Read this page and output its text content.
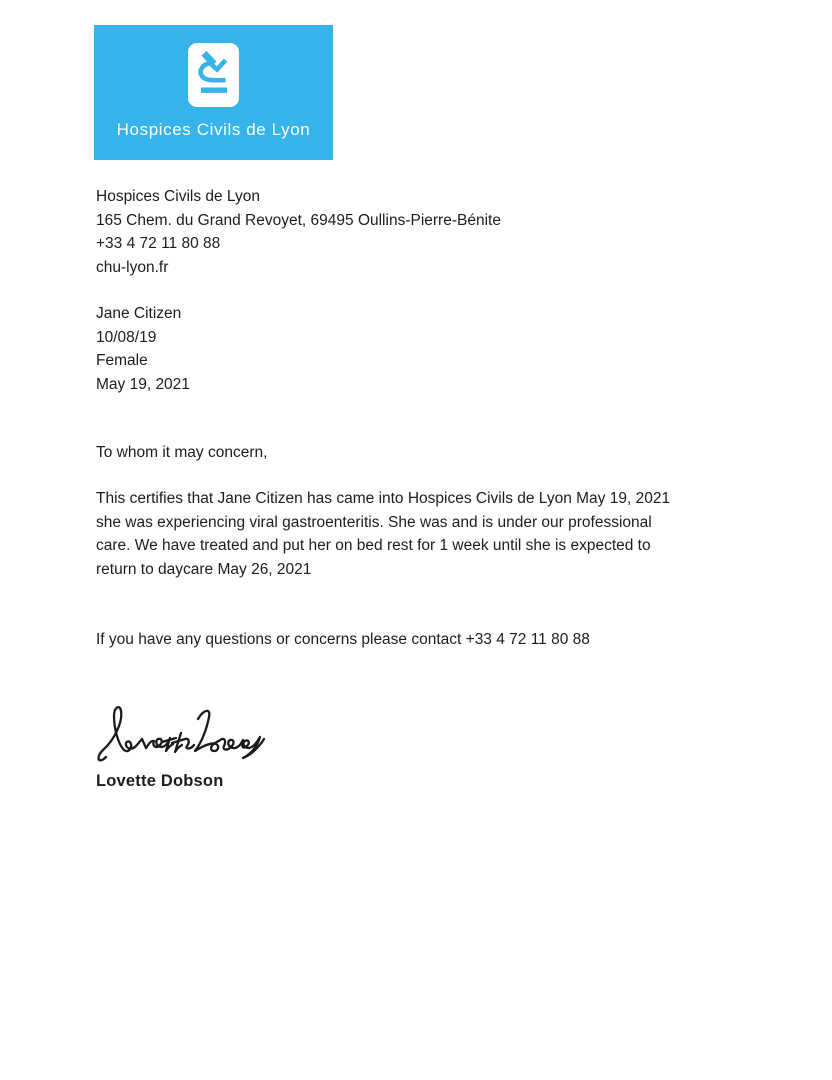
Hospices Civils de Lyon
Hospices Civils de Lyon
165 Chem. du Grand Revoyet, 69495 Oullins-Pierre-Bénite
+33 4 72 11 80 88
chu-lyon.fr
Jane Citizen
10/08/19
Female
May 19, 2021
To whom it may concern,
This certifies that Jane Citizen has came into Hospices Civils de Lyon May 19, 2021 she was experiencing viral gastroenteritis. She was and is under our professional care. We have treated and put her on bed rest for 1 week until she is expected to return to daycare May 26, 2021
If you have any questions or concerns please contact +33 4 72 11 80 88
Lovette Dobson
